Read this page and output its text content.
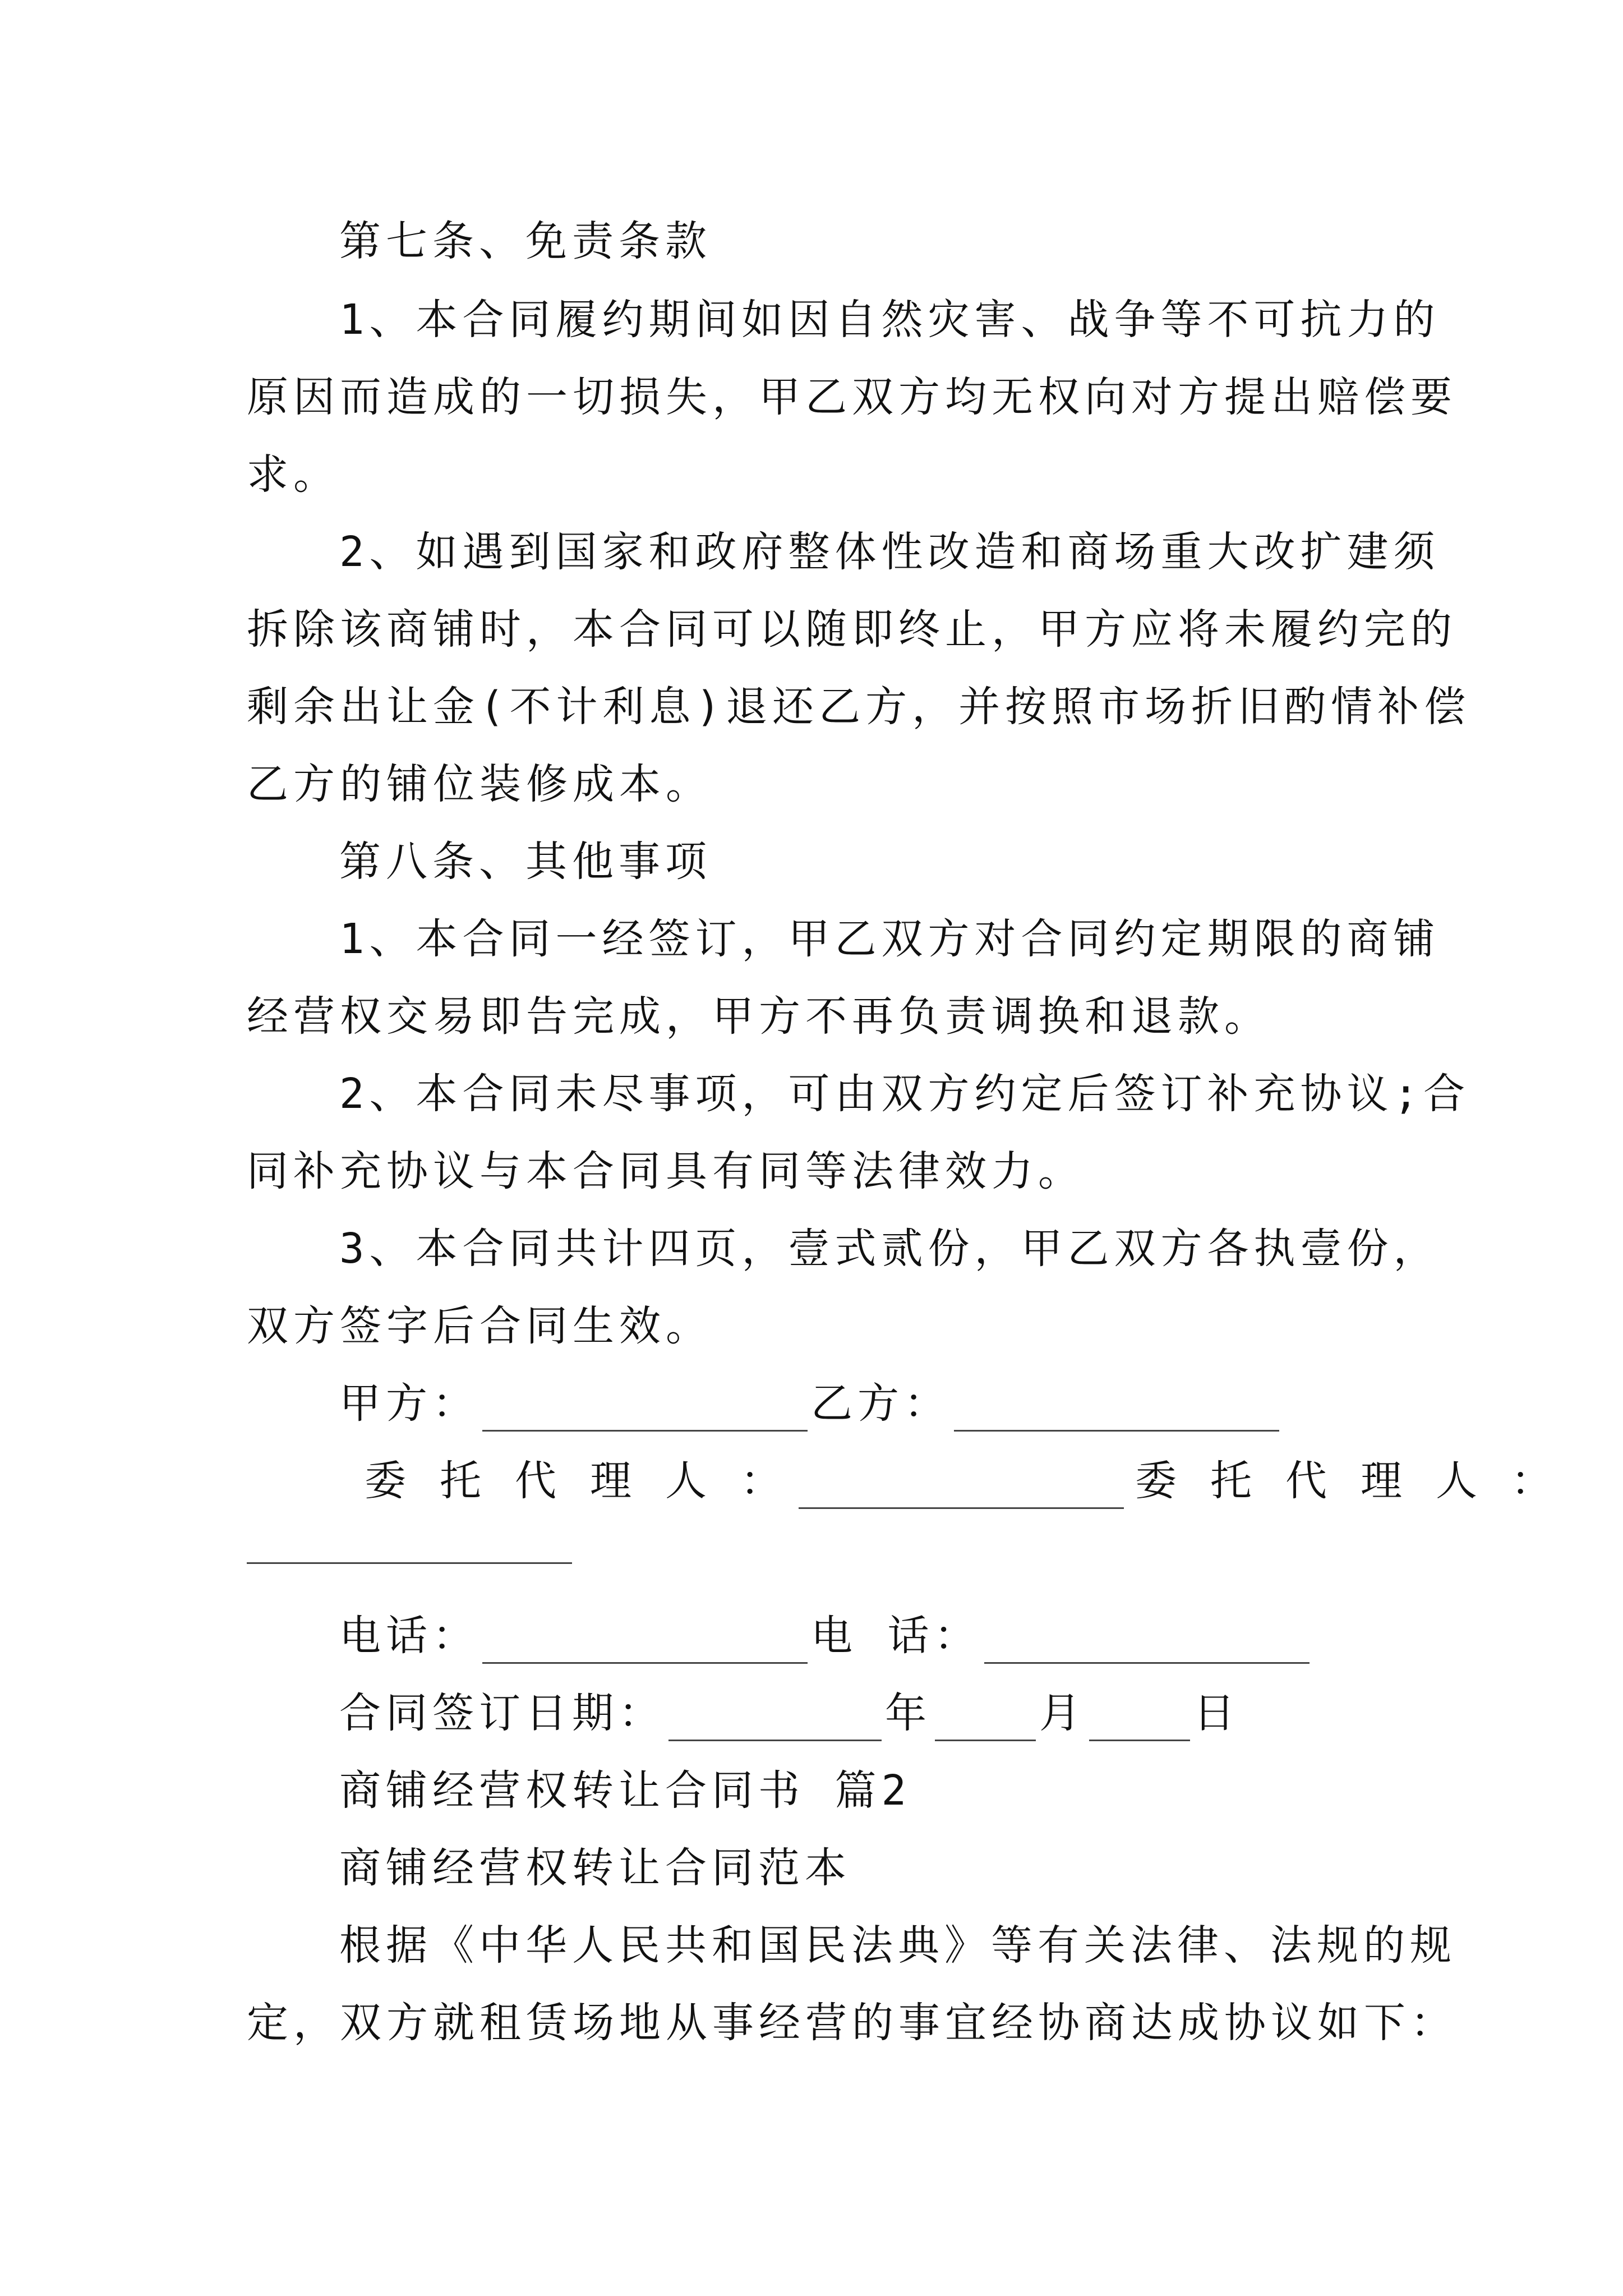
第七条、免责条款
1、本合同履约期间如因自然灾害、战争等不可抗力的
原因而造成的一切损失，甲乙双方均无权向对方提出赔偿要
求。
2、如遇到国家和政府整体性改造和商场重大改扩建须
拆除该商铺时，本合同可以随即终止，甲方应将未履约完的
剩余出让金(不计利息)退还乙方，并按照市场折旧酌情补偿
乙方的铺位装修成本。
第八条、其他事项
1、本合同一经签订，甲乙双方对合同约定期限的商铺
经营权交易即告完成，甲方不再负责调换和退款。
2、本合同未尽事项，可由双方约定后签订补充协议;合
同补充协议与本合同具有同等法律效力。
3、本合同共计四页，壹式贰份，甲乙双方各执壹份，
双方签字后合同生效。
甲方：	乙方：
委托代理人：	委托代理人：
电话：	电 话：
合同签订日期：	年	月	日
商铺经营权转让合同书 篇2
商铺经营权转让合同范本
根据《中华人民共和国民法典》等有关法律、法规的规
定，双方就租赁场地从事经营的事宜经协商达成协议如下：
